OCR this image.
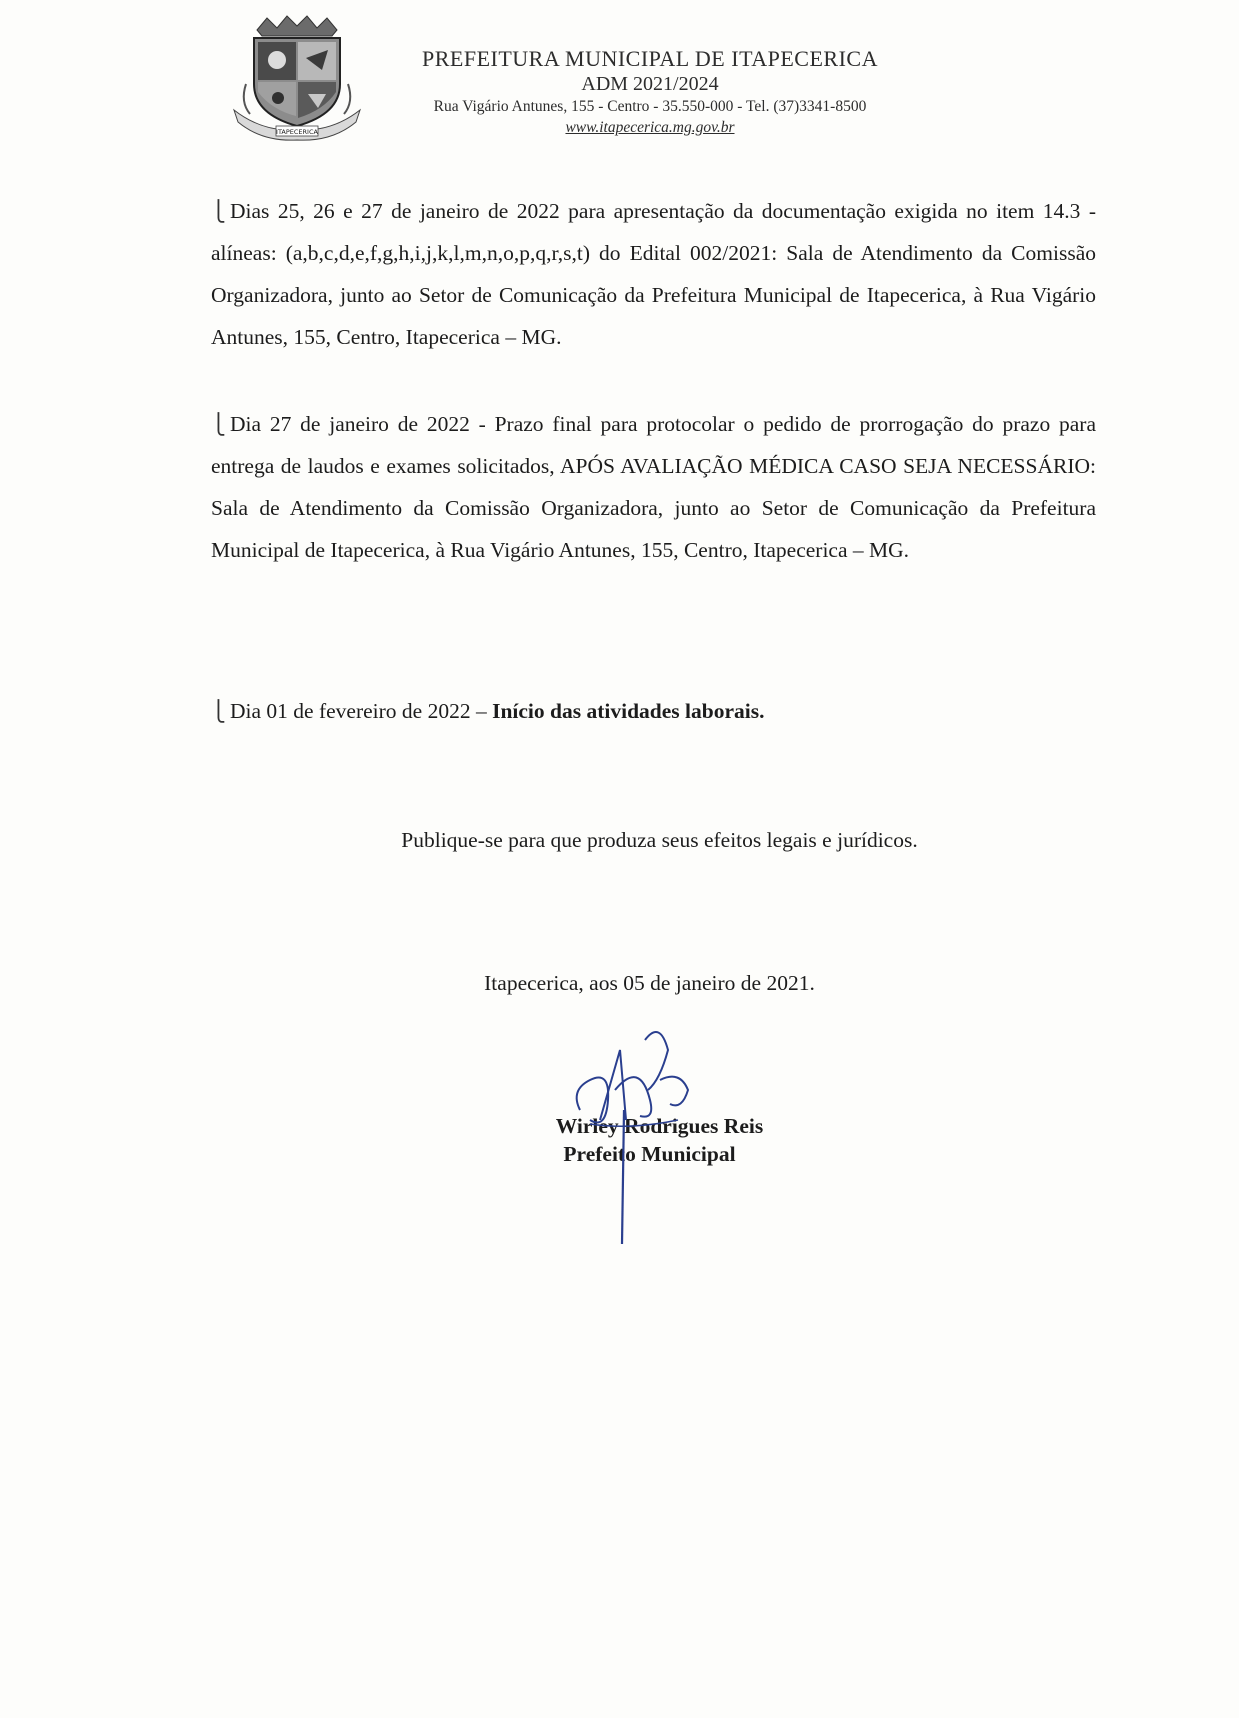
ITAPECERICA
PREFEITURA MUNICIPAL DE ITAPECERICA
ADM 2021/2024
Rua Vigário Antunes, 155 - Centro - 35.550-000 - Tel. (37)3341-8500
www.itapecerica.mg.gov.br

⎩ Dias 25, 26 e 27 de janeiro de 2022 para apresentação da documentação exigida no item 14.3 - alíneas: (a,b,c,d,e,f,g,h,i,j,k,l,m,n,o,p,q,r,s,t) do Edital 002/2021: Sala de Atendimento da Comissão Organizadora, junto ao Setor de Comunicação da Prefeitura Municipal de Itapecerica, à Rua Vigário Antunes, 155, Centro, Itapecerica – MG.

⎩ Dia 27 de janeiro de 2022 - Prazo final para protocolar o pedido de prorrogação do prazo para entrega de laudos e exames solicitados, APÓS AVALIAÇÃO MÉDICA CASO SEJA NECESSÁRIO: Sala de Atendimento da Comissão Organizadora, junto ao Setor de Comunicação da Prefeitura Municipal de Itapecerica, à Rua Vigário Antunes, 155, Centro, Itapecerica – MG.

⎩ Dia 01 de fevereiro de 2022 – Início das atividades laborais.

Publique-se para que produza seus efeitos legais e jurídicos.
Itapecerica, aos 05 de janeiro de 2021.
Wirley Rodrigues Reis
Prefeito Municipal
